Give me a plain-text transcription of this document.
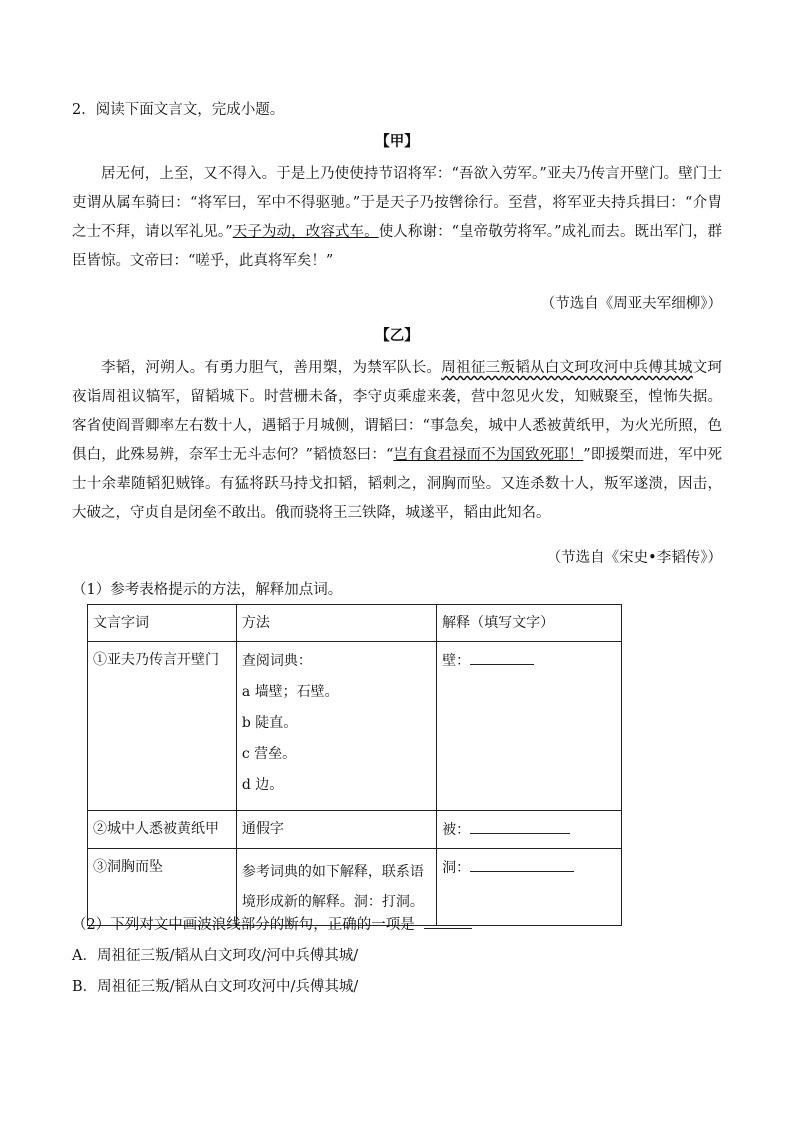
2．阅读下面文言文，完成小题。
【甲】
居无何，上至，又不得入。于是上乃使使持节诏将军：“吾欲入劳军。”亚夫乃传言开壁门。壁门士吏谓从属车骑曰：“将军曰，军中不得驱驰。”于是天子乃按辔徐行。至营，将军亚夫持兵揖曰：“介胄之士不拜，请以军礼见。”天子为动，改容式车。使人称谢：“皇帝敬劳将军。”成礼而去。既出军门，群臣皆惊。文帝曰：“嗟乎，此真将军矣！”
（节选自《周亚夫军细柳》）
【乙】
李韬，河朔人。有勇力胆气，善用槊，为禁军队长。周祖征三叛韬从白文珂攻河中兵傅其城文珂夜诣周祖议犒军，留韬城下。时营栅未备，李守贞乘虚来袭，营中忽见火发，知贼聚至，惶怖失据。客省使阎晋卿率左右数十人，遇韬于月城侧，谓韬曰：“事急矣，城中人悉被黄纸甲，为火光所照，色俱白，此殊易辨，奈军士无斗志何？”韬愤怒曰：“岂有食君禄而不为国致死耶！”即援槊而进，军中死士十余辈随韬犯贼锋。有猛将跃马持戈扣韬，韬刺之，洞胸而坠。又连杀数十人，叛军遂溃，因击，大破之，守贞自是闭垒不敢出。俄而骁将王三铁降，城遂平，韬由此知名。
（节选自《宋史•李韬传》）
（1）参考表格提示的方法，解释加点词。
文言字词	方法	解释（填写文字）
①亚夫乃传言开壁门	查阅词典：
a 墙壁；石壁。
b 陡直。
c 营垒。
d 边。	壁：
②城中人悉被黄纸甲	通假字	被：
③洞胸而坠	参考词典的如下解释，联系语境形成新的解释。洞：打洞。	洞：
（2）下列对文中画波浪线部分的断句，正确的一项是
A．周祖征三叛/韬从白文珂攻/河中兵傅其城/
B．周祖征三叛/韬从白文珂攻河中/兵傅其城/
